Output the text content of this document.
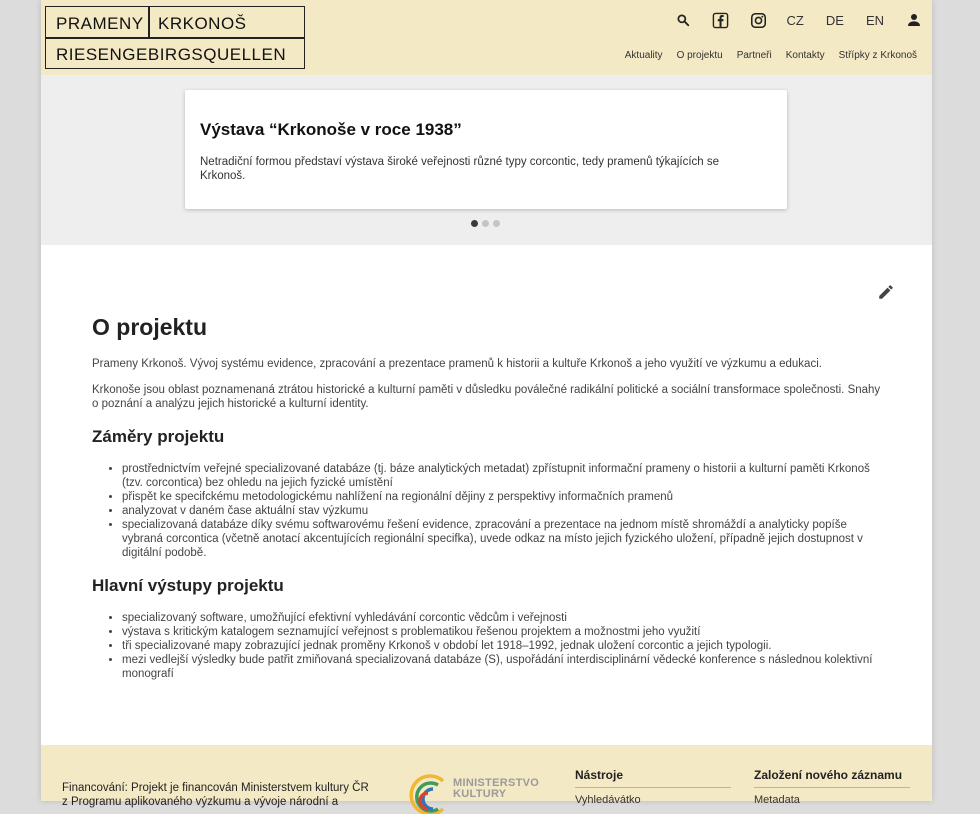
PRAMENY KRKONOŠ
RIESENGEBIRGSQUELLEN
CZ DE EN
Aktuality O projektu Partneři Kontakty Střípky z Krkonoš
Výstava “Krkonoše v roce 1938”
Netradiční formou představí výstava široké veřejnosti různé typy corcontic, tedy pramenů týkajících se Krkonoš.
O projektu

Prameny Krkonoš. Vývoj systému evidence, zpracování a prezentace pramenů k historii a kultuře Krkonoš a jeho využití ve výzkumu a edukaci.

Krkonoše jsou oblast poznamenaná ztrátou historické a kulturní paměti v důsledku poválečné radikální politické a sociální transformace společnosti. Snahy o poznání a analýzu jejich historické a kulturní identity.

Záměry projektu
• prostřednictvím veřejné specializované databáze (tj. báze analytických metadat) zpřístupnit informační prameny o historii a kulturní paměti Krkonoš (tzv. corcontica) bez ohledu na jejich fyzické umístění
• přispět ke specifckému metodologickému nahlížení na regionální dějiny z perspektivy informačních pramenů
• analyzovat v daném čase aktuální stav výzkumu
• specializovaná databáze díky svému softwarovému řešení evidence, zpracování a prezentace na jednom místě shromáždí a analyticky popíše vybraná corcontica (včetně anotací akcentujících regionální specifka), uvede odkaz na místo jejich fyzického uložení, případně jejich dostupnost v digitální podobě.
Hlavní výstupy projektu
• specializovaný software, umožňující efektivní vyhledávání corcontic vědcům i veřejnosti
• výstava s kritickým katalogem seznamující veřejnost s problematikou řešenou projektem a možnostmi jeho využití
• tři specializované mapy zobrazující jednak proměny Krkonoš v období let 1918–1992, jednak uložení corcontic a jejich typologii.
• mezi vedlejší výsledky bude patřit zmiňovaná specializovaná databáze (S), uspořádání interdisciplinární vědecké konference s následnou kolektivní monografí
Financování: Projekt je financován Ministerstvem kultury ČR z Programu aplikovaného výzkumu a vývoje národní a
MINISTERSTVO
KULTURY
Nástroje
Vyhledávátko
Založení nového záznamu
Metadata
